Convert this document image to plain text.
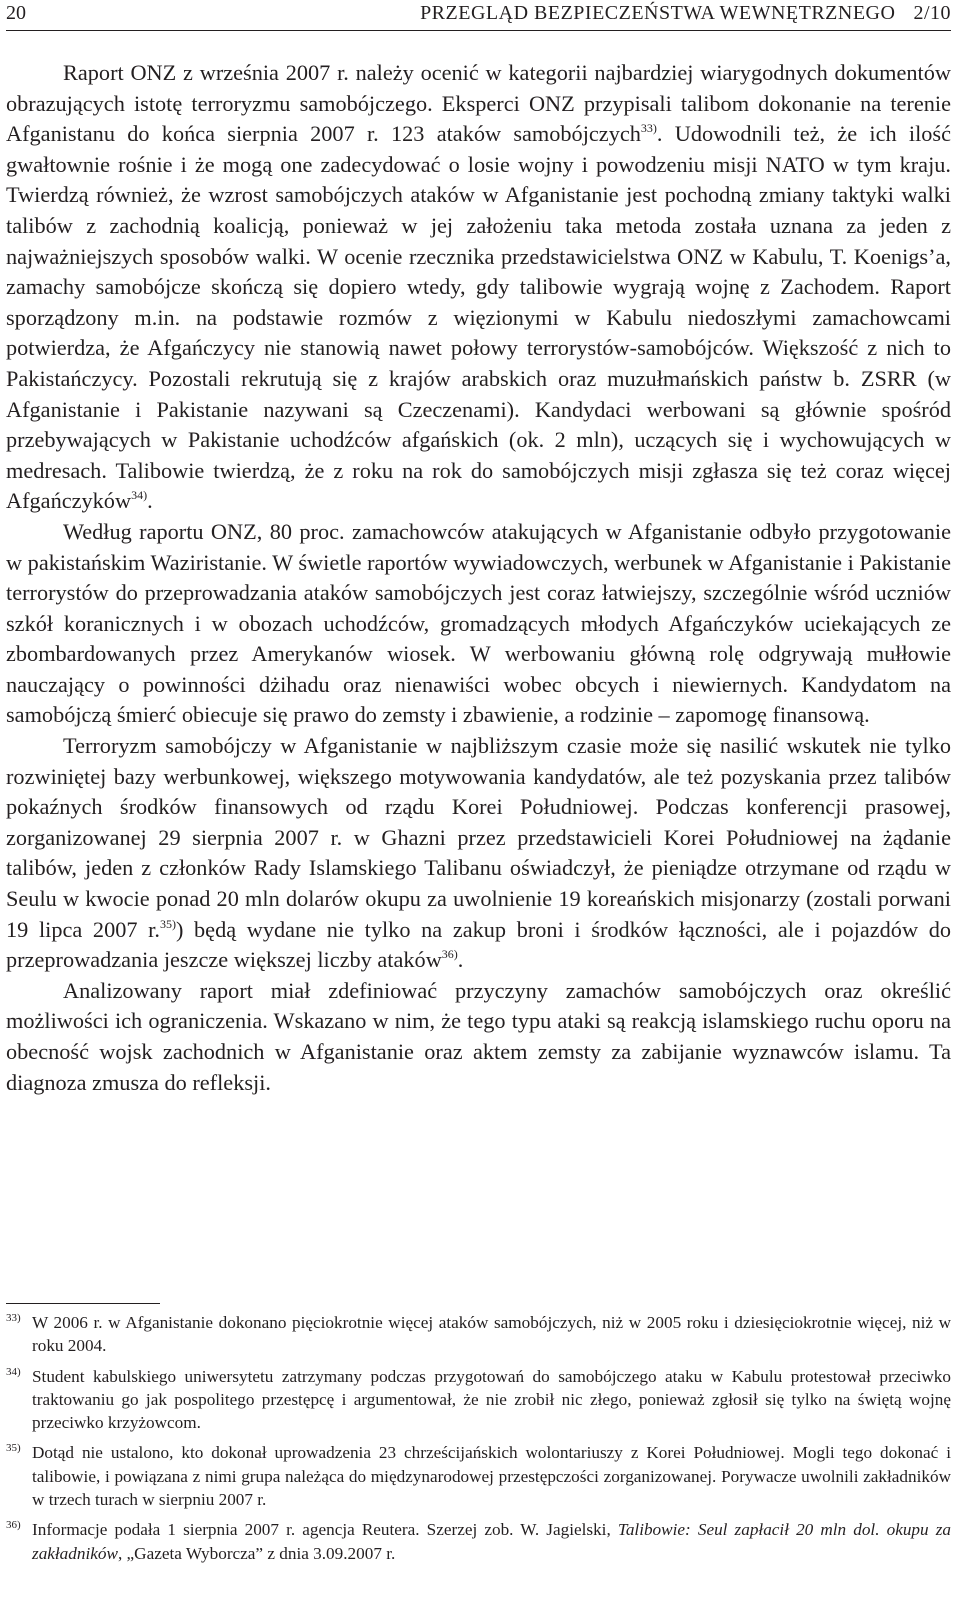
20	PRZEGLĄD BEZPIECZEŃSTWA WEWNĘTRZNEGO 2/10

Raport ONZ z września 2007 r. należy ocenić w kategorii najbardziej wiarygodnych dokumentów obrazujących istotę terroryzmu samobójczego. Eksperci ONZ przypisali talibom dokonanie na terenie Afganistanu do końca sierpnia 2007 r. 123 ataków samobójczych$^{33)}$. Udowodnili też, że ich ilość gwałtownie rośnie i że mogą one zadecydować o losie wojny i powodzeniu misji NATO w tym kraju. Twierdzą również, że wzrost samobójczych ataków w Afganistanie jest pochodną zmiany taktyki walki talibów z zachodnią koalicją, ponieważ w jej założeniu taka metoda została uznana za jeden z najważniejszych sposobów walki. W ocenie rzecznika przedstawicielstwa ONZ w Kabulu, T. Koenigs’a, zamachy samobójcze skończą się dopiero wtedy, gdy talibowie wygrają wojnę z Zachodem. Raport sporządzony m.in. na podstawie rozmów z więzionymi w Kabulu niedoszłymi zamachowcami potwierdza, że Afgańczycy nie stanowią nawet połowy terrorystów-samobójców. Większość z nich to Pakistańczycy. Pozostali rekrutują się z krajów arabskich oraz muzułmańskich państw b. ZSRR (w Afganistanie i Pakistanie nazywani są Czeczenami). Kandydaci werbowani są głównie spośród przebywających w Pakistanie uchodźców afgańskich (ok. 2 mln), uczących się i wychowujących w medresach. Talibowie twierdzą, że z roku na rok do samobójczych misji zgłasza się też coraz więcej Afgańczyków$^{34)}$.

Według raportu ONZ, 80 proc. zamachowców atakujących w Afganistanie odbyło przygotowanie w pakistańskim Waziristanie. W świetle raportów wywiadowczych, werbunek w Afganistanie i Pakistanie terrorystów do przeprowadzania ataków samobójczych jest coraz łatwiejszy, szczególnie wśród uczniów szkół koranicznych i w obozach uchodźców, gromadzących młodych Afgańczyków uciekających ze zbombardowanych przez Amerykanów wiosek. W werbowaniu główną rolę odgrywają mułłowie nauczający o powinności dżihadu oraz nienawiści wobec obcych i niewiernych. Kandydatom na samobójczą śmierć obiecuje się prawo do zemsty i zbawienie, a rodzinie – zapomogę finansową.

Terroryzm samobójczy w Afganistanie w najbliższym czasie może się nasilić wskutek nie tylko rozwiniętej bazy werbunkowej, większego motywowania kandydatów, ale też pozyskania przez talibów pokaźnych środków finansowych od rządu Korei Południowej. Podczas konferencji prasowej, zorganizowanej 29 sierpnia 2007 r. w Ghazni przez przedstawicieli Korei Południowej na żądanie talibów, jeden z członków Rady Islamskiego Talibanu oświadczył, że pieniądze otrzymane od rządu w Seulu w kwocie ponad 20 mln dolarów okupu za uwolnienie 19 koreańskich misjonarzy (zostali porwani 19 lipca 2007 r.$^{35)}$) będą wydane nie tylko na zakup broni i środków łączności, ale i pojazdów do przeprowadzania jeszcze większej liczby ataków$^{36)}$.

Analizowany raport miał zdefiniować przyczyny zamachów samobójczych oraz określić możliwości ich ograniczenia. Wskazano w nim, że tego typu ataki są reakcją islamskiego ruchu oporu na obecność wojsk zachodnich w Afganistanie oraz aktem zemsty za zabijanie wyznawców islamu. Ta diagnoza zmusza do refleksji.

33) W 2006 r. w Afganistanie dokonano pięciokrotnie więcej ataków samobójczych, niż w 2005 roku i dziesięciokrotnie więcej, niż w roku 2004.
34) Student kabulskiego uniwersytetu zatrzymany podczas przygotowań do samobójczego ataku w Kabulu protestował przeciwko traktowaniu go jak pospolitego przestępcę i argumentował, że nie zrobił nic złego, ponieważ zgłosił się tylko na świętą wojnę przeciwko krzyżowcom.
35) Dotąd nie ustalono, kto dokonał uprowadzenia 23 chrześcijańskich wolontariuszy z Korei Południowej. Mogli tego dokonać i talibowie, i powiązana z nimi grupa należąca do międzynarodowej przestępczości zorganizowanej. Porywacze uwolnili zakładników w trzech turach w sierpniu 2007 r.
36) Informacje podała 1 sierpnia 2007 r. agencja Reutera. Szerzej zob. W. Jagielski, Talibowie: Seul zapłacił 20 mln dol. okupu za zakładników, „Gazeta Wyborcza” z dnia 3.09.2007 r.
